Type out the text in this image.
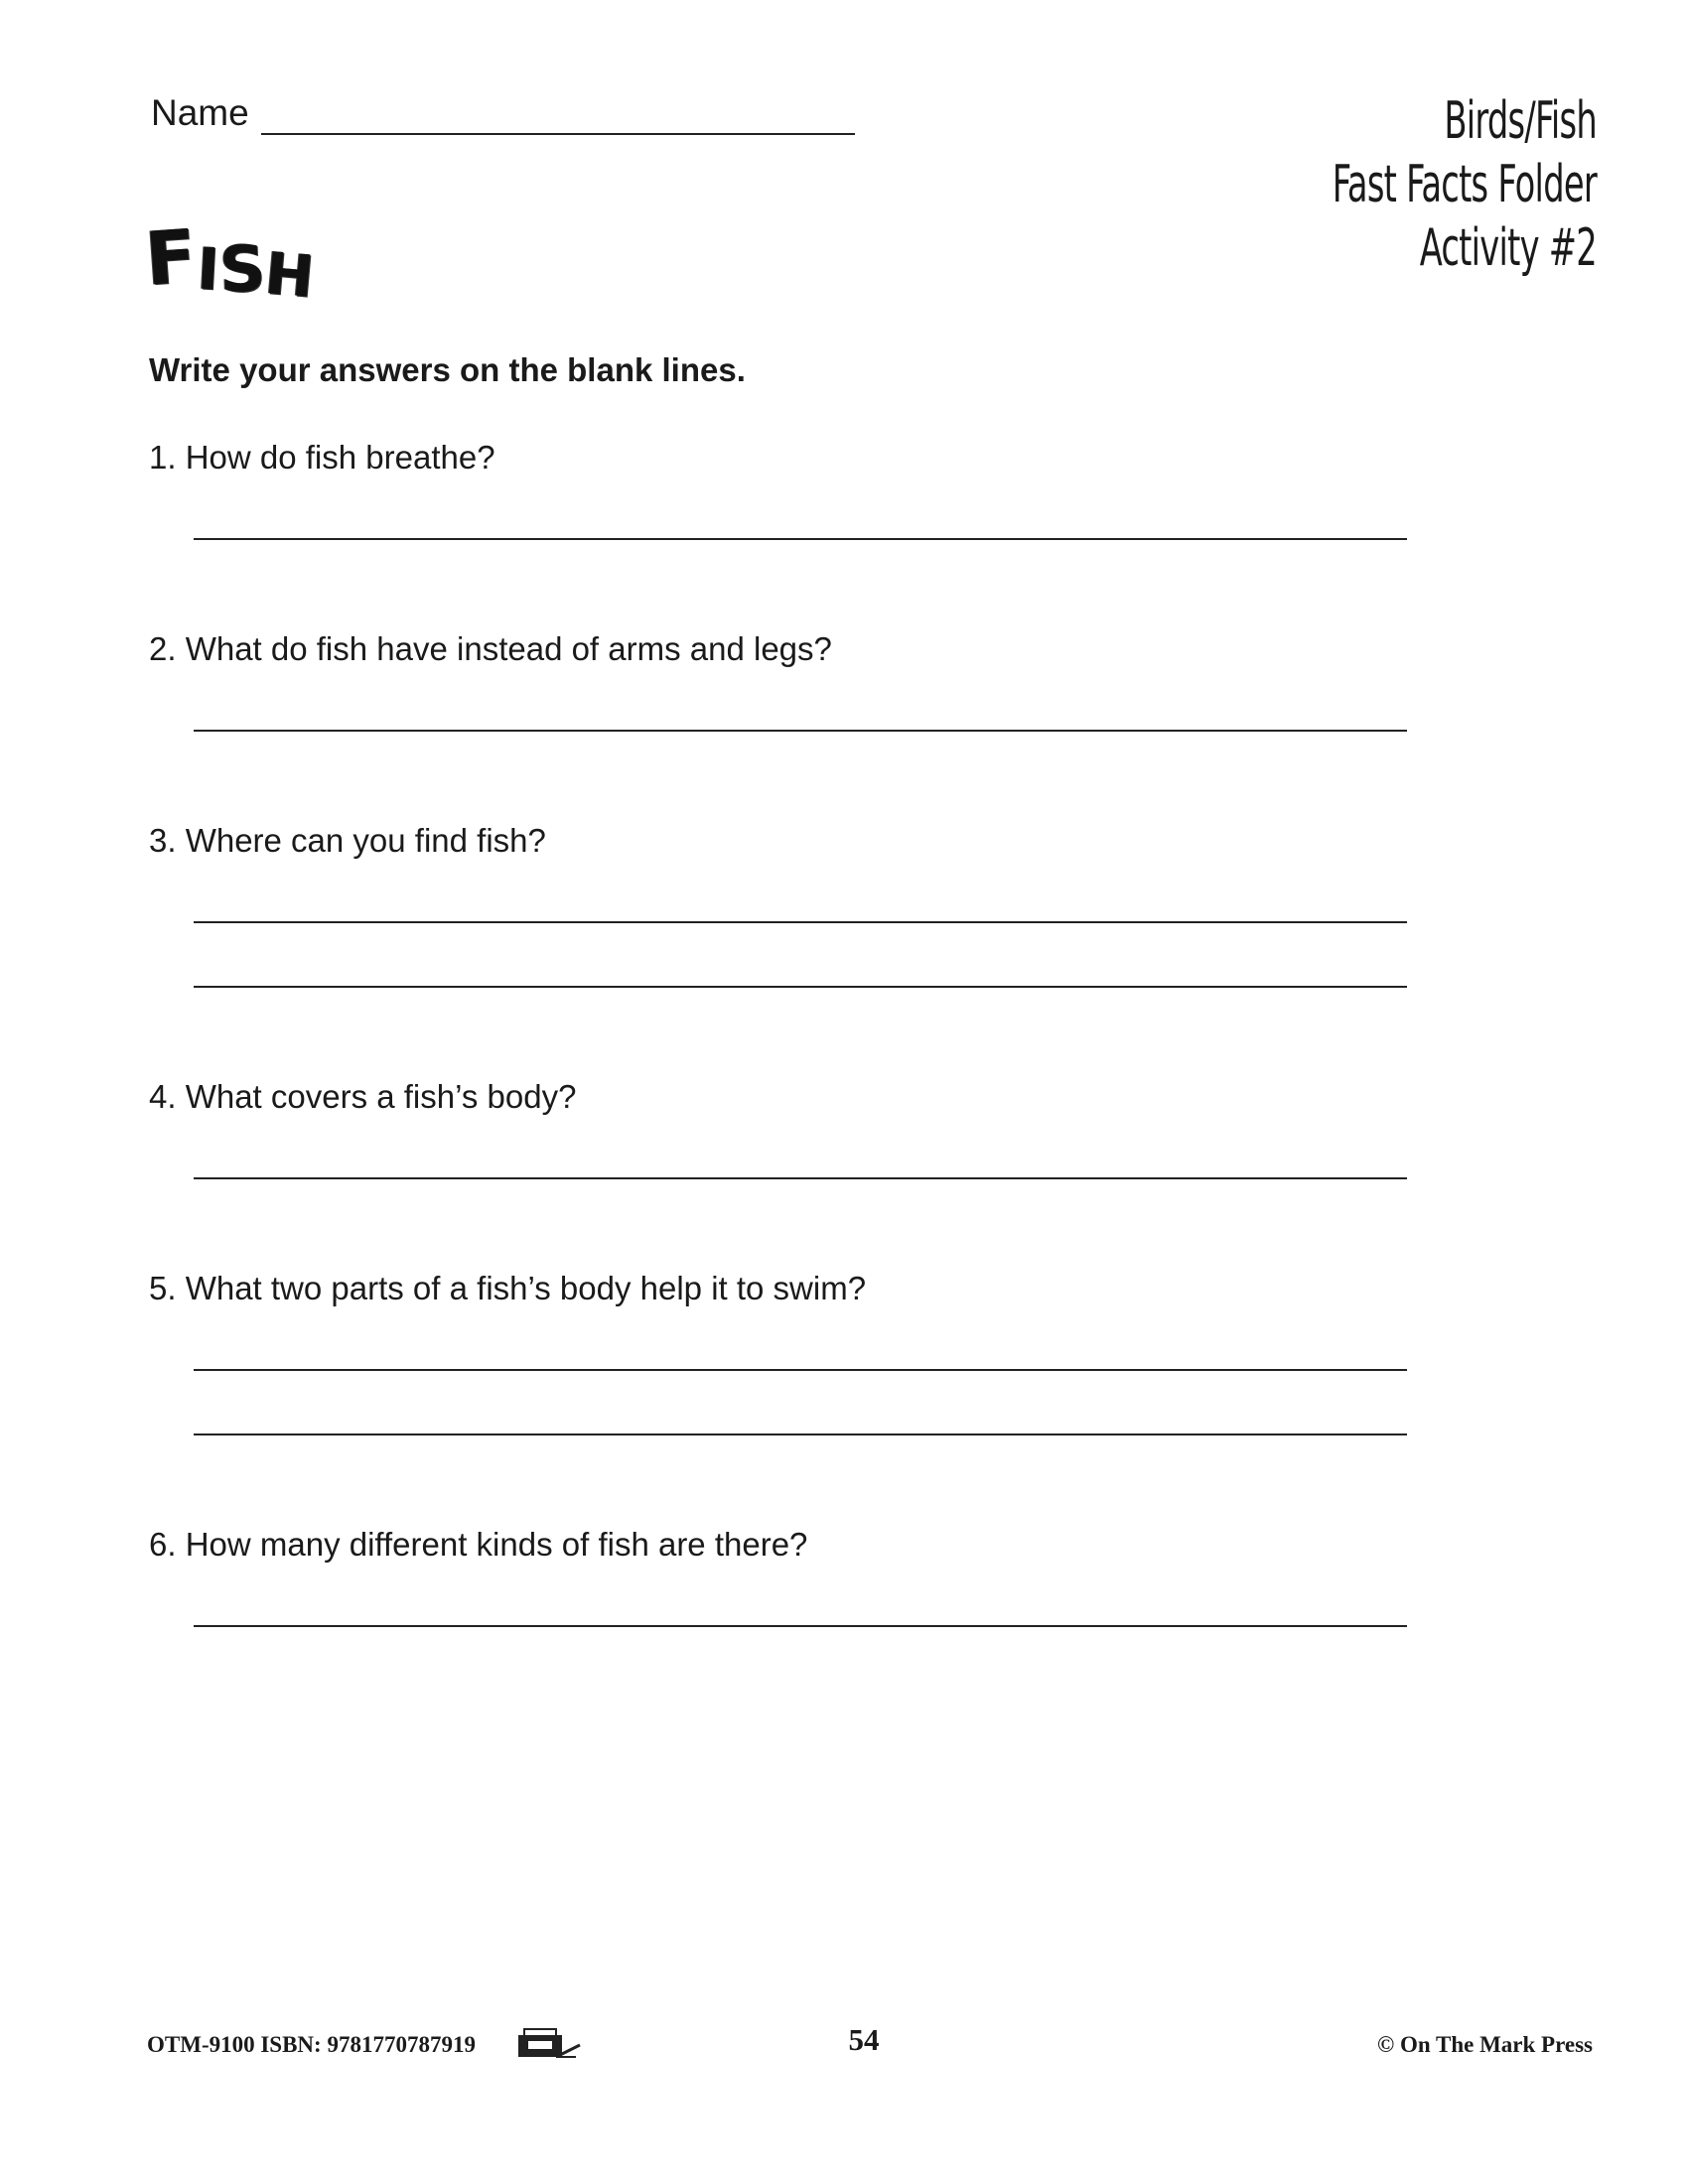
Name	Birds/Fish
Fast Facts Folder
Activity #2
FISH
Write your answers on the blank lines.
1. How do fish breathe?
2. What do fish have instead of arms and legs?
3. Where can you find fish?
4. What covers a fish’s body?
5. What two parts of a fish’s body help it to swim?
6. How many different kinds of fish are there?
OTM-9100 ISBN: 9781770787919	54	© On The Mark Press
